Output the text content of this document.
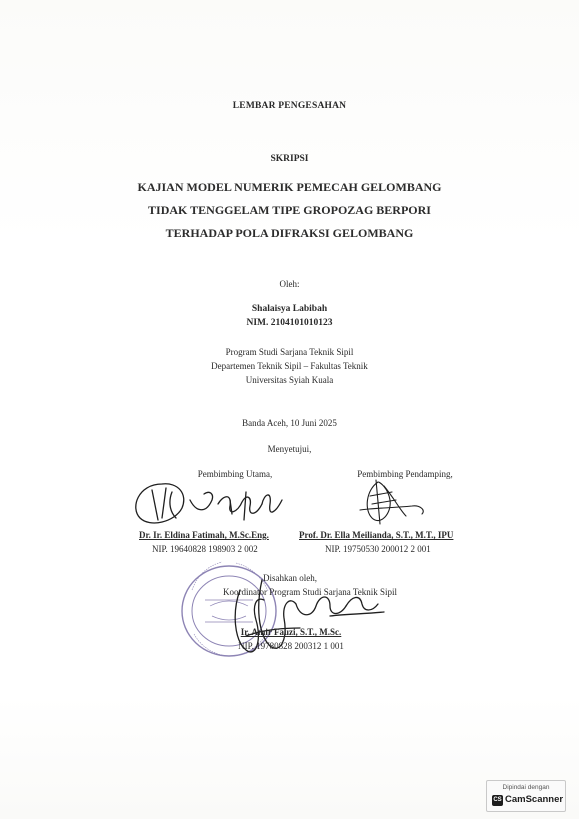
LEMBAR PENGESAHAN
SKRIPSI
KAJIAN MODEL NUMERIK PEMECAH GELOMBANG
TIDAK TENGGELAM TIPE GROPOZAG BERPORI
TERHADAP POLA DIFRAKSI GELOMBANG
Oleh:
Shalaisya Labibah
NIM. 2104101010123
Program Studi Sarjana Teknik Sipil
Departemen Teknik Sipil – Fakultas Teknik
Universitas Syiah Kuala
Banda Aceh, 10 Juni 2025
Menyetujui,
Pembimbing Utama,	Pembimbing Pendamping,
Dr. Ir. Eldina Fatimah, M.Sc.Eng.	Prof. Dr. Ella Meilianda, S.T., M.T., IPU
NIP. 19640828 198903 2 002	NIP. 19750530 200012 2 001
Disahkan oleh,
Koordinator Program Studi Sarjana Teknik Sipil
Ir. Amir Fauzi, S.T., M.Sc.
NIP. 19780828 200312 1 001
Dipindai dengan
CS CamScanner
